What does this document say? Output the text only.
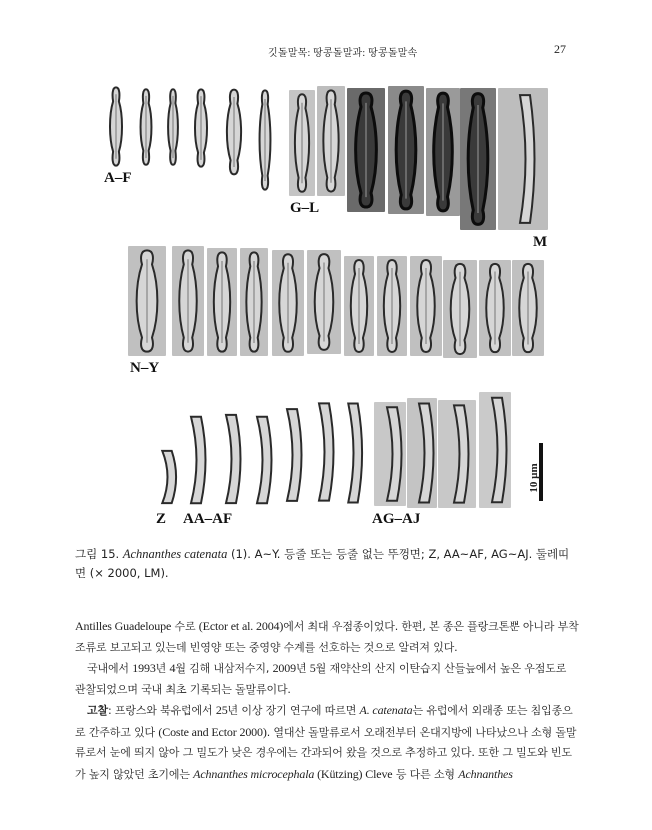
깃돌말목: 땅콩돌말과: 땅콩돌말속	27
A–F
G–L
M
N–Y
Z AA–AF	AG–AJ
10 µm
그림 15. Achnanthes catenata (1). A~Y. 등줄 또는 등줄 없는 뚜껑면; Z, AA~AF, AG~AJ. 둘레띠면 (× 2000, LM).

Antilles Guadeloupe 수로 (Ector et al. 2004)에서 최대 우점종이었다. 한편, 본 종은 플랑크톤뿐 아니라 부착조류로 보고되고 있는데 빈영양 또는 중영양 수계를 선호하는 것으로 알려져 있다.

국내에서 1993년 4월 김해 내삼저수지, 2009년 5월 재약산의 산지 이탄습지 산들늪에서 높은 우점도로 관찰되었으며 국내 최초 기록되는 돌말류이다.

고찰: 프랑스와 북유럽에서 25년 이상 장기 연구에 따르면 A. catenata는 유럽에서 외래종 또는 침입종으로 간주하고 있다 (Coste and Ector 2000). 열대산 돌말류로서 오래전부터 온대지방에 나타났으나 소형 돌말류로서 눈에 띄지 않아 그 밀도가 낮은 경우에는 간과되어 왔을 것으로 추정하고 있다. 또한 그 밀도와 빈도가 높지 않았던 초기에는 Achnanthes microcephala (Kützing) Cleve 등 다른 소형 Achnanthes
